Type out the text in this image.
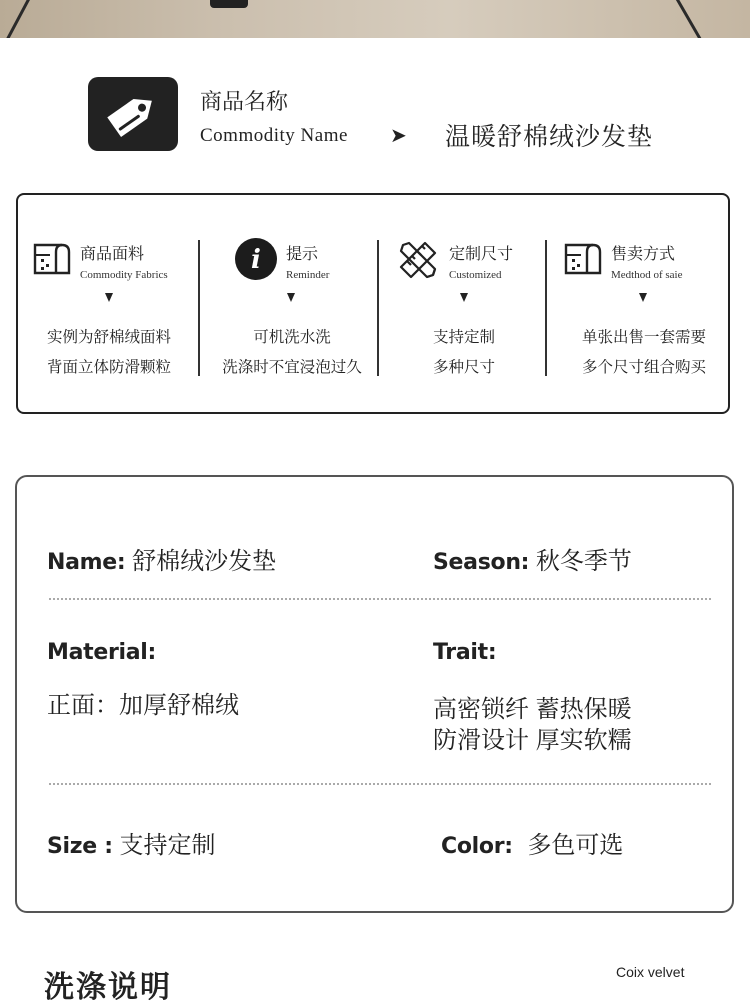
商品名称
Commodity Name ➤ 温暖舒棉绒沙发垫
商品面料
Commodity Fabrics
实例为舒棉绒面料
背面立体防滑颗粒
i 提示
Reminder
可机洗水洗
洗涤时不宜浸泡过久
定制尺寸
Customized
支持定制
多种尺寸
售卖方式
Medthod of saie
单张出售一套需要
多个尺寸组合购买
Name: 舒棉绒沙发垫	Season: 秋冬季节
Material:
正面：加厚舒棉绒
Trait:
高密锁纤 蓄热保暖
防滑设计 厚实软糯
Size : 支持定制	Color: 多色可选
洗涤说明	Coix velvet
